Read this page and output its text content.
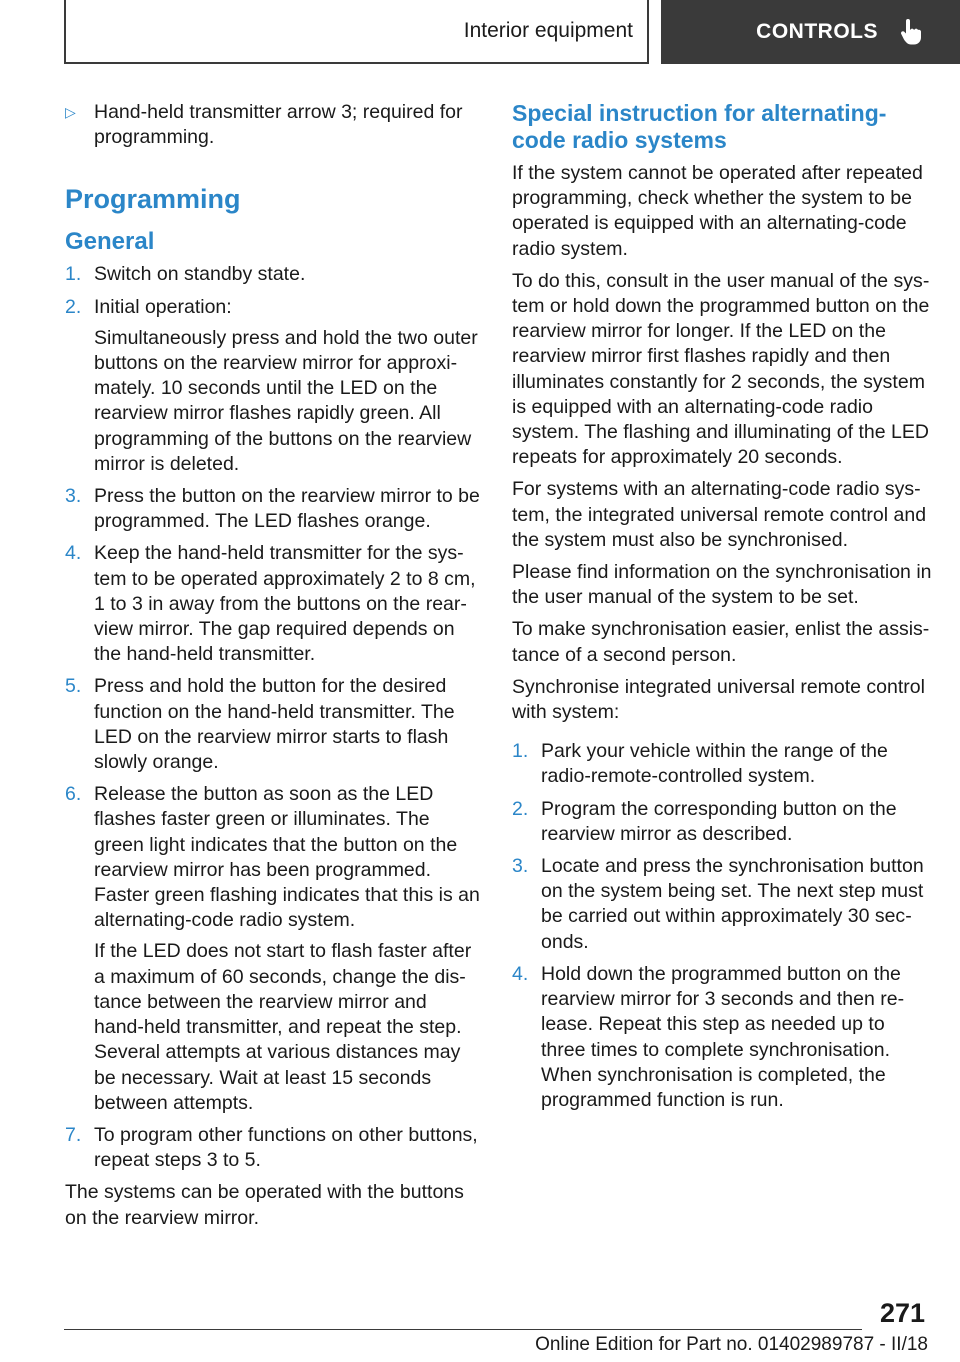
Interior equipment	CONTROLS
▷ Hand-held transmitter arrow 3; required for programming.
Programming
General
1. Switch on standby state.

2. Initial operation:

Simultaneously press and hold the two outer buttons on the rearview mirror for approximately. 10 seconds until the LED on the rearview mirror flashes rapidly green. All programming of the buttons on the rearview mirror is deleted.

3. Press the button on the rearview mirror to be programmed. The LED flashes orange.

4. Keep the hand-held transmitter for the system to be operated approximately 2 to 8 cm, 1 to 3 in away from the buttons on the rearview mirror. The gap required depends on the hand-held transmitter.

5. Press and hold the button for the desired function on the hand-held transmitter. The LED on the rearview mirror starts to flash slowly orange.

6. Release the button as soon as the LED flashes faster green or illuminates. The green light indicates that the button on the rearview mirror has been programmed. Faster green flashing indicates that this is an alternating-code radio system.

If the LED does not start to flash faster after a maximum of 60 seconds, change the distance between the rearview mirror and hand-held transmitter, and repeat the step. Several attempts at various distances may be necessary. Wait at least 15 seconds between attempts.

7. To program other functions on other buttons, repeat steps 3 to 5.

The systems can be operated with the buttons on the rearview mirror.

Special instruction for alternating-code radio systems

If the system cannot be operated after repeated programming, check whether the system to be operated is equipped with an alternating-code radio system.

To do this, consult in the user manual of the system or hold down the programmed button on the rearview mirror for longer. If the LED on the rearview mirror first flashes rapidly and then illuminates constantly for 2 seconds, the system is equipped with an alternating-code radio system. The flashing and illuminating of the LED repeats for approximately 20 seconds.

For systems with an alternating-code radio system, the integrated universal remote control and the system must also be synchronised.

Please find information on the synchronisation in the user manual of the system to be set.

To make synchronisation easier, enlist the assistance of a second person.

Synchronise integrated universal remote control with system:

1. Park your vehicle within the range of the radio-remote-controlled system.
2. Program the corresponding button on the rearview mirror as described.
3. Locate and press the synchronisation button on the system being set. The next step must be carried out within approximately 30 seconds.
4. Hold down the programmed button on the rearview mirror for 3 seconds and then release. Repeat this step as needed up to three times to complete synchronisation. When synchronisation is completed, the programmed function is run.
271
Online Edition for Part no. 01402989787 - II/18
